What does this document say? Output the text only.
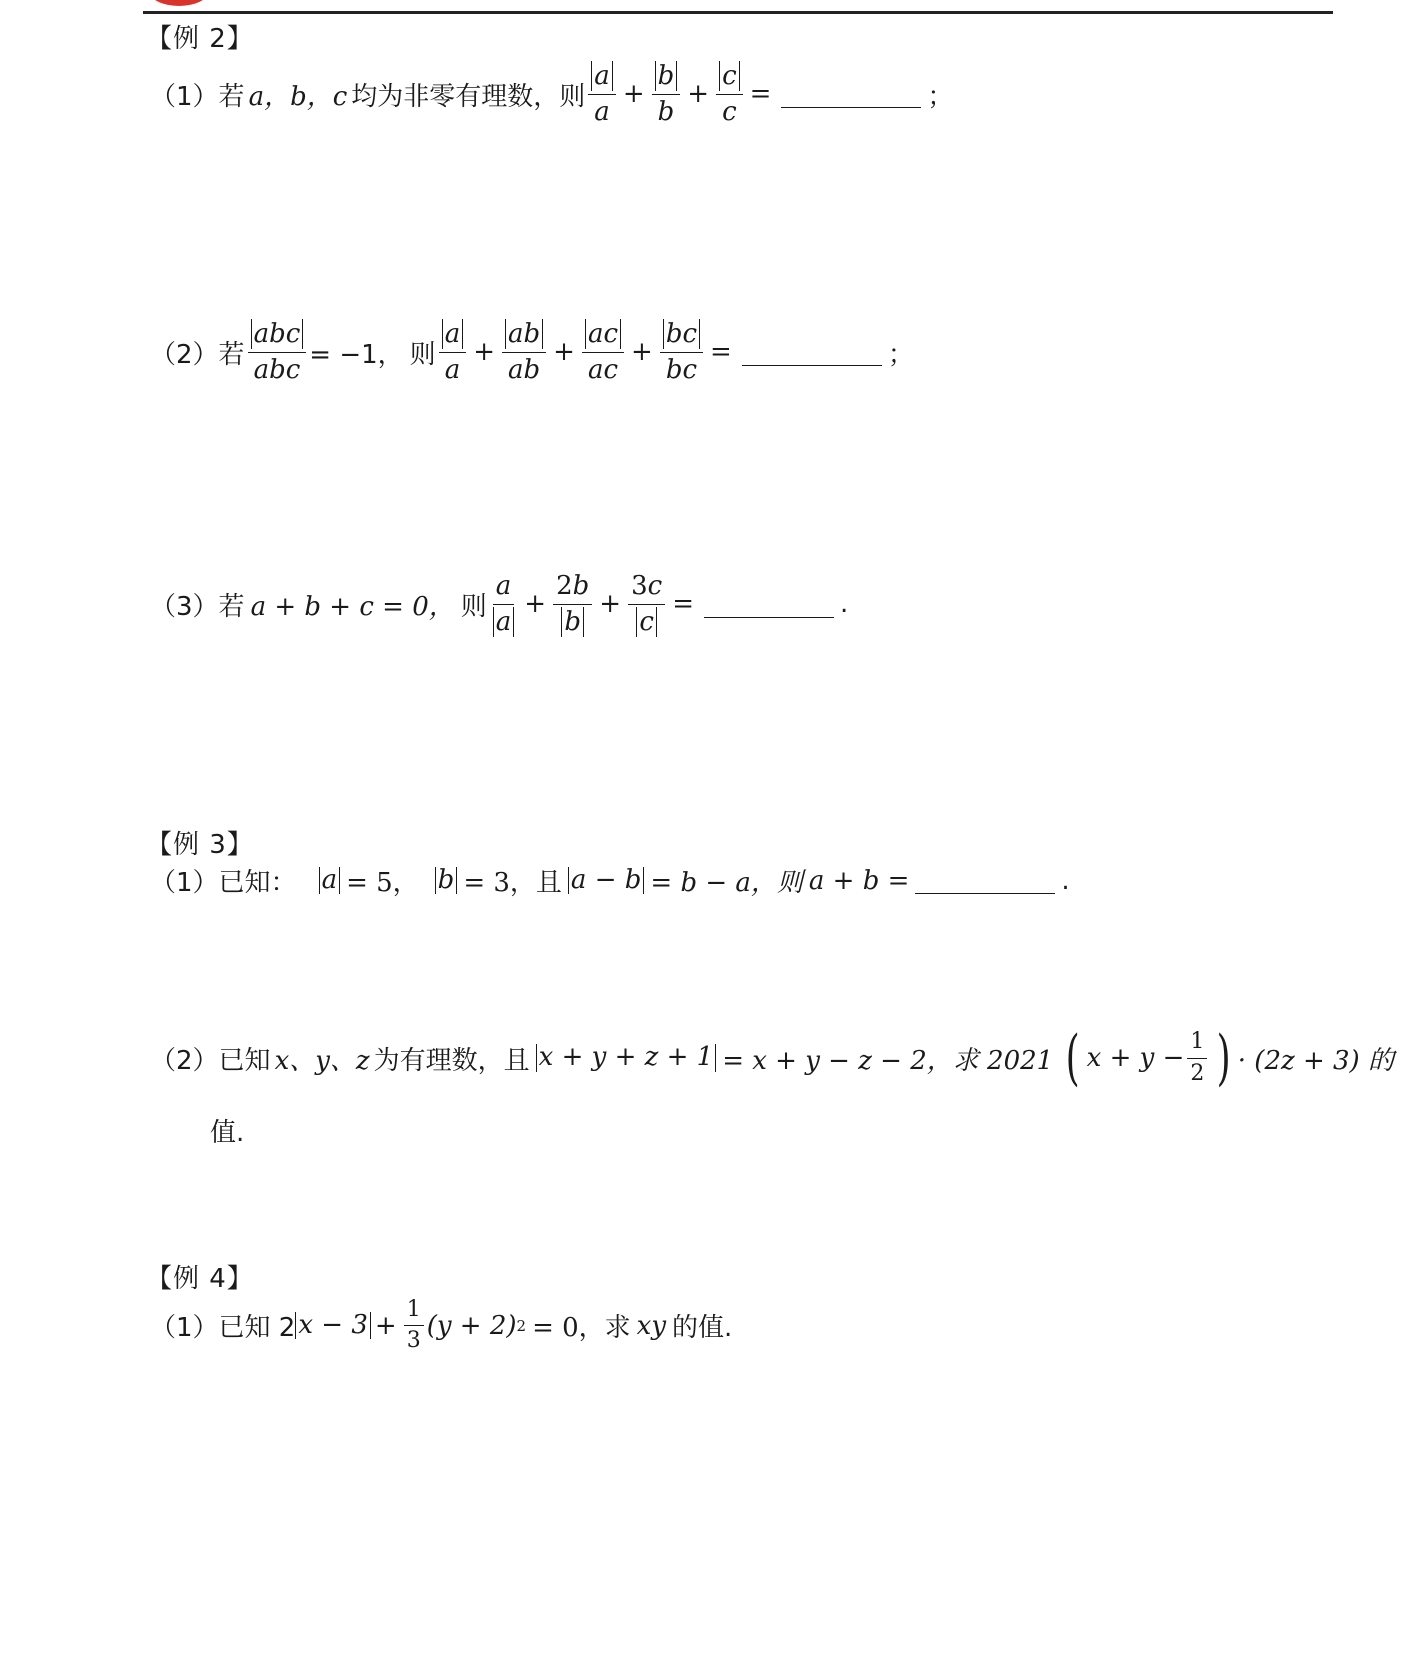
【例 2】
（1） 若 a，b，c 均为非零有理数，则 $\frac{a}{a} + \frac{b}{b} + \frac{c}{c}$ =	；
（2） 若 $\frac{\text{abc}}{\text{abc}} = -1$， 则 $\frac{a}{a} + \frac{ab}{ab} + \frac{ac}{ac} + \frac{bc}{bc}$ =	；
（3） 若 a + b + c = 0， 则 $\frac{a}{a} + \frac{2b}{b} + \frac{3c}{c}$ =	.
【例 3】
（1） 已知： a = 5， b = 3，且 a − b = b − a，则 a + b =	.
（2） 已知 x、y、z 为有理数，且 x + y + z + 1 = x + y − z − 2，求 2021 ( $x + y - \frac{1}{2}$ ) · (2z + 3) 的
值.
【例 4】
（1） 已知 2 $x - 3 + \frac{1}{3} (y + 2) 2 = 0$，求 xy 的值.
